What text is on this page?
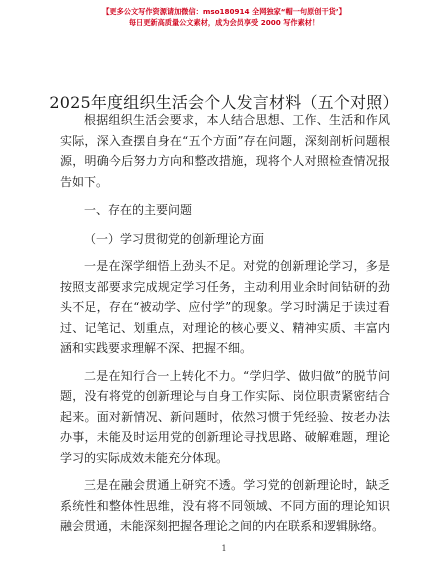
【更多公文写作资源请加微信：mso180914 全网独家“帽一句原创干货’】
每日更新高质量公文素材，成为会员享受 2000 写作素材！
2025年度组织生活会个人发言材料（五个对照）

根据组织生活会要求，本人结合思想、工作、生活和作风实际，深入查摆自身在“五个方面”存在问题，深刻剖析问题根源，明确今后努力方向和整改措施，现将个人对照检查情况报告如下。

一、存在的主要问题

（一）学习贯彻党的创新理论方面

一是在深学细悟上劲头不足。对党的创新理论学习，多是按照支部要求完成规定学习任务，主动利用业余时间钻研的劲头不足，存在“被动学、应付学”的现象。学习时满足于读过看过、记笔记、划重点，对理论的核心要义、精神实质、丰富内涵和实践要求理解不深、把握不细。

二是在知行合一上转化不力。“学归学、做归做”的脱节问题，没有将党的创新理论与自身工作实际、岗位职责紧密结合起来。面对新情况、新问题时，依然习惯于凭经验、按老办法办事，未能及时运用党的创新理论寻找思路、破解难题，理论学习的实际成效未能充分体现。

三是在融会贯通上研究不透。学习党的创新理论时，缺乏系统性和整体性思维，没有将不同领域、不同方面的理论知识融会贯通，未能深刻把握各理论之间的内在联系和逻辑脉络。

1
